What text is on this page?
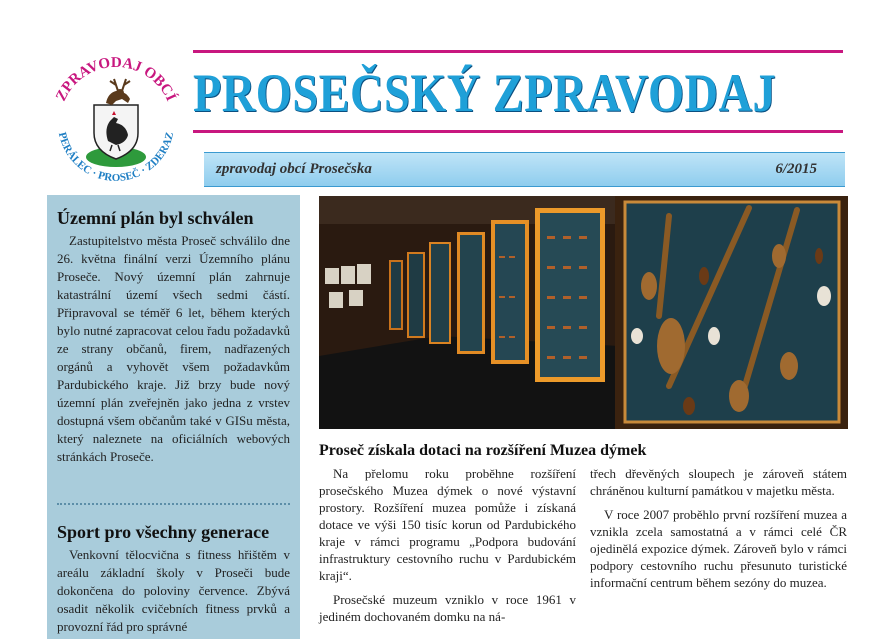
ZPRAVODAJ OBCÍ
PERÁLEC · PROSEČ · ZDERAZ
PROSEČSKÝ ZPRAVODAJ
zpravodaj obcí Prosečska	6/2015
Územní plán byl schválen

Zastupitelstvo města Proseč schválilo dne 26. května finální verzi Územního plánu Proseče. Nový územní plán zahrnuje katastrální území všech sedmi částí. Připravoval se téměř 6 let, během kterých bylo nutné zapracovat celou řadu požadavků ze strany občanů, firem, nadřazených orgánů a vyhovět všem požadavkům Pardubického kraje. Již brzy bude nový územní plán zveřejněn jako jedna z vrstev dostupná všem občanům také v GISu města, který naleznete na oficiálních webových stránkách Proseče.

Sport pro všechny generace

Venkovní tělocvična s fitness hřištěm v areálu základní školy v Proseči bude dokončena do poloviny července. Zbývá osadit několik cvičebních fitness prvků a provozní řád pro správné

Proseč získala dotaci na rozšíření Muzea dýmek

Na přelomu roku proběhne rozšíření prosečského Muzea dýmek o nové výstavní prostory. Rozšíření muzea pomůže i získaná dotace ve výši 150 tisíc korun od Pardubického kraje v rámci programu „Podpora budování infrastruktury cestovního ruchu v Pardubickém kraji“.

Prosečské muzeum vzniklo v roce 1961 v jediném dochovaném domku na ná-

třech dřevěných sloupech je zároveň státem chráněnou kulturní památkou v majetku města.

V roce 2007 proběhlo první rozšíření muzea a vznikla zcela samostatná a v rámci celé ČR ojedinělá expozice dýmek. Zároveň bylo v rámci podpory cestovního ruchu přesunuto turistické informační centrum během sezóny do muzea.
